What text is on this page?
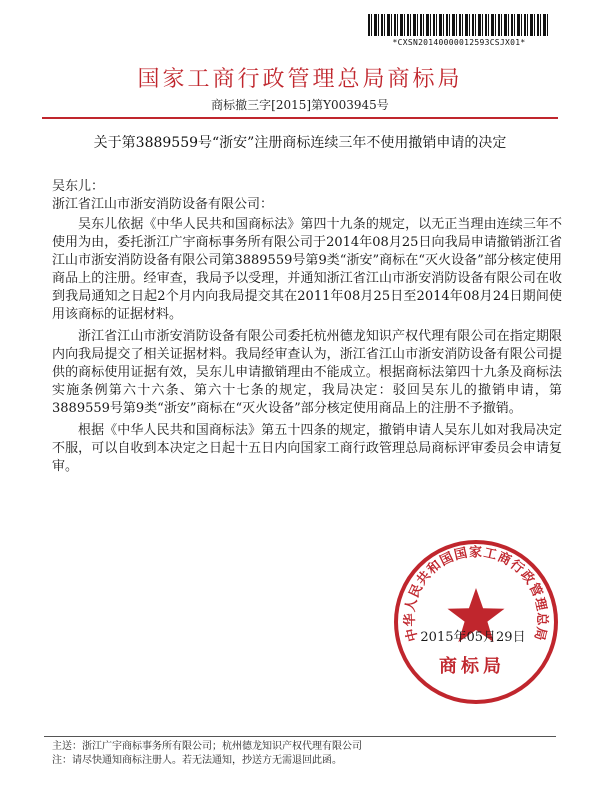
*CXSN20140000012593CSJX01*
国家工商行政管理总局商标局
商标撤三字[2015]第Y003945号
关于第3889559号“浙安”注册商标连续三年不使用撤销申请的决定
吴东儿：
浙江省江山市浙安消防设备有限公司：

吴东儿依据《中华人民共和国商标法》第四十九条的规定，以无正当理由连续三年不使用为由，委托浙江广宇商标事务所有限公司于2014年08月25日向我局申请撤销浙江省江山市浙安消防设备有限公司第3889559号第9类“浙安”商标在“灭火设备”部分核定使用商品上的注册。经审查，我局予以受理，并通知浙江省江山市浙安消防设备有限公司在收到我局通知之日起2个月内向我局提交其在2011年08月25日至2014年08月24日期间使用该商标的证据材料。

浙江省江山市浙安消防设备有限公司委托杭州德龙知识产权代理有限公司在指定期限内向我局提交了相关证据材料。我局经审查认为，浙江省江山市浙安消防设备有限公司提供的商标使用证据有效，吴东儿申请撤销理由不能成立。根据商标法第四十九条及商标法实施条例第六十六条、第六十七条的规定，我局决定：驳回吴东儿的撤销申请，第3889559号第9类“浙安”商标在“灭火设备”部分核定使用商品上的注册不予撤销。

根据《中华人民共和国商标法》第五十四条的规定，撤销申请人吴东儿如对我局决定不服，可以自收到本决定之日起十五日内向国家工商行政管理总局商标评审委员会申请复审。

中华人民共和国国家工商行政管理总局
2015年05月29日
商标局
主送：浙江广宇商标事务所有限公司；杭州德龙知识产权代理有限公司
注：请尽快通知商标注册人。若无法通知，抄送方无需退回此函。
